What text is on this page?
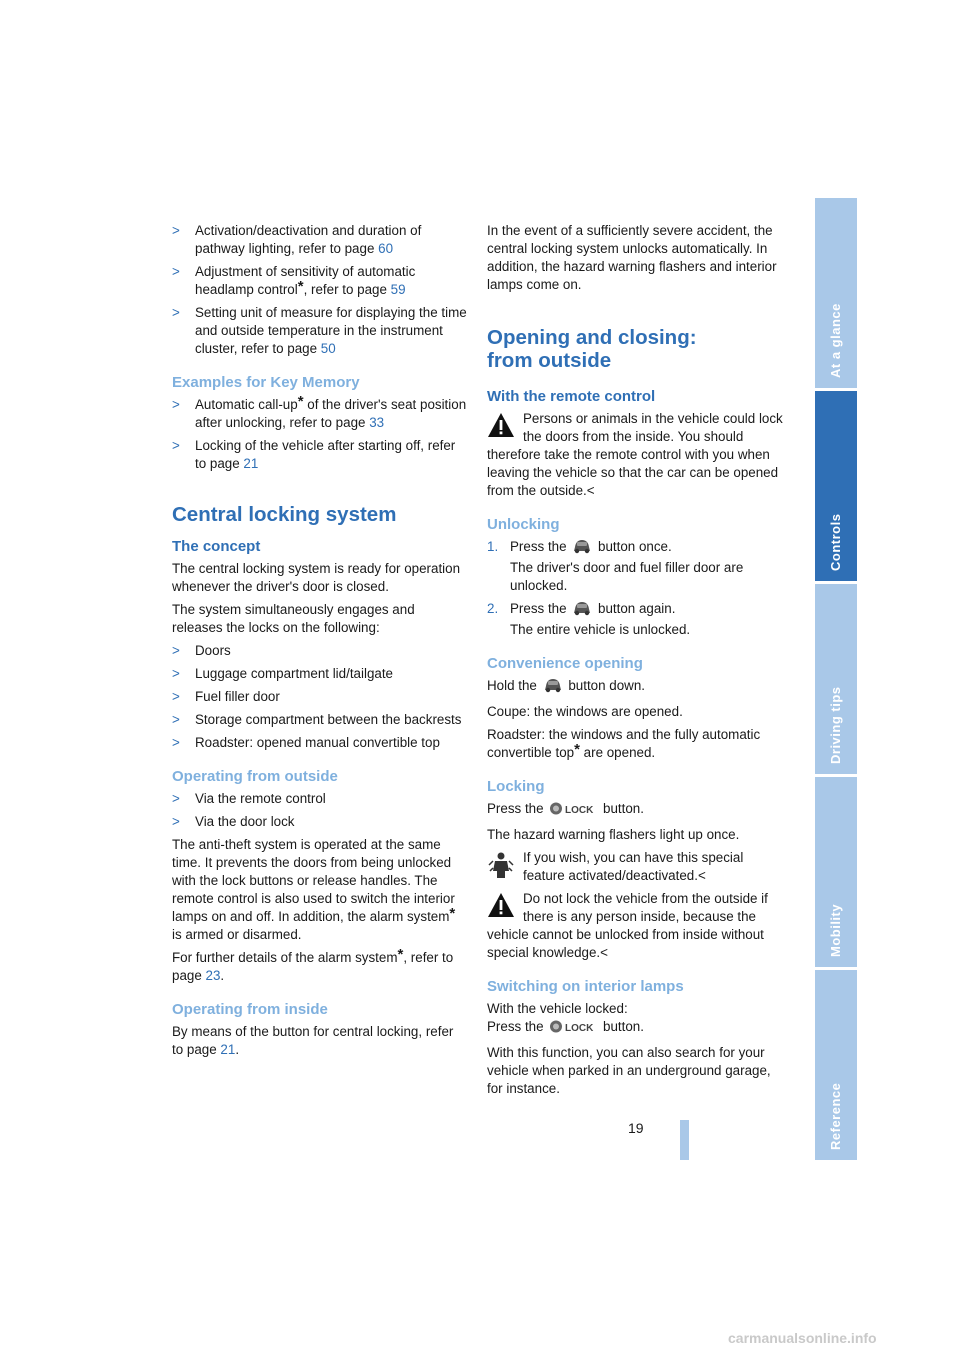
> Activation/deactivation and duration of pathway lighting, refer to page 60
> Adjustment of sensitivity of automatic headlamp control*, refer to page 59
> Setting unit of measure for displaying the time and outside temperature in the instrument cluster, refer to page 50
Examples for Key Memory
> Automatic call-up* of the driver's seat position after unlocking, refer to page 33
> Locking of the vehicle after starting off, refer to page 21
Central locking system
The concept

The central locking system is ready for operation whenever the driver's door is closed.

The system simultaneously engages and releases the locks on the following:

> Doors
> Luggage compartment lid/tailgate
> Fuel filler door
> Storage compartment between the backrests
> Roadster: opened manual convertible top
Operating from outside
> Via the remote control
> Via the door lock

The anti-theft system is operated at the same time. It prevents the doors from being unlocked with the lock buttons or release handles. The remote control is also used to switch the interior lamps on and off. In addition, the alarm system* is armed or disarmed.

For further details of the alarm system*, refer to page 23.

Operating from inside

By means of the button for central locking, refer to page 21.

In the event of a sufficiently severe accident, the central locking system unlocks automatically. In addition, the hazard warning flashers and interior lamps come on.

Opening and closing:
from outside
With the remote control
Persons or animals in the vehicle could lock the doors from the inside. You should therefore take the remote control with you when leaving the vehicle so that the car can be opened from the outside.<
Unlocking
1. Press the  button once.
The driver's door and fuel filler door are unlocked.
2. Press the  button again.
The entire vehicle is unlocked.
Convenience opening

Hold the  button down.

Coupe: the windows are opened.

Roadster: the windows and the fully automatic convertible top* are opened.

Locking

Press the LOCK button.

The hazard warning flashers light up once.

If you wish, you can have this special feature activated/deactivated.<
Do not lock the vehicle from the outside if there is any person inside, because the vehicle cannot be unlocked from inside without special knowledge.<
Switching on interior lamps

With the vehicle locked:

Press the LOCK button.

With this function, you can also search for your vehicle when parked in an underground garage, for instance.

At a glance
Controls
Driving tips
Mobility
Reference
19
carmanualsonline.info
